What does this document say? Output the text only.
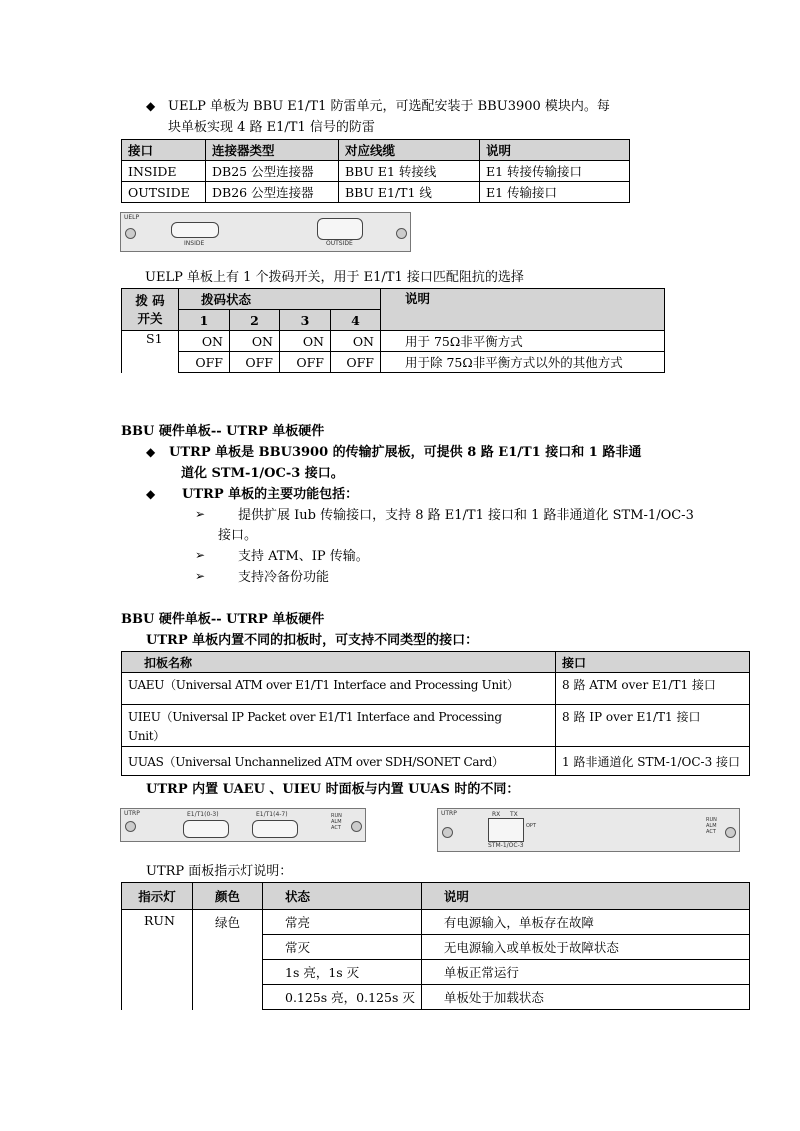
◆ UELP 单板为 BBU E1/T1 防雷单元，可选配安装于 BBU3900 模块内。每
块单板实现 4 路 E1/T1 信号的防雷
接口	连接器类型	对应线缆	说明
INSIDE	DB25 公型连接器	BBU E1 转接线	E1 转接传输接口
OUTSIDE	DB26 公型连接器	BBU E1/T1 线	E1 传输接口
UELP
INSIDE	OUTSIDE
UELP 单板上有 1 个拨码开关，用于 E1/T1 接口匹配阻抗的选择
拨 码
开关	拨码状态				说明
	1	2	3	4	
S1	ON	ON	ON	ON	用于 75Ω非平衡方式
	OFF	OFF	OFF	OFF	用于除 75Ω非平衡方式以外的其他方式
BBU 硬件单板-- UTRP 单板硬件
◆ UTRP 单板是 BBU3900 的传输扩展板，可提供 8 路 E1/T1 接口和 1 路非通
道化 STM-1/OC-3 接口。
◆ UTRP 单板的主要功能包括：
➢	提供扩展 Iub 传输接口，支持 8 路 E1/T1 接口和 1 路非通道化 STM-1/OC-3
接口。
➢	支持 ATM、IP 传输。
➢	支持冷备份功能
BBU 硬件单板-- UTRP 单板硬件
UTRP 单板内置不同的扣板时，可支持不同类型的接口：
扣板名称	接口
UAEU（Universal ATM over E1/T1 Interface and Processing Unit）	8 路 ATM over E1/T1 接口

UIEU（Universal IP Packet over E1/T1 Interface and Processing
Unit）	8 路 IP over E1/T1 接口
UUAS（Universal Unchannelized ATM over SDH/SONET Card）	1 路非通道化 STM-1/OC-3 接口
UTRP 内置 UAEU 、UIEU 时面板与内置 UUAS 时的不同：
UTRP	E1/T1(0-3)	E1/T1(4-7)	RUN
ALM
ACT
UTRP	RX TX
OPT
STM-1/OC-3
RUN
ALM
ACT
UTRP 面板指示灯说明：
指示灯	颜色	状态	说明
RUN	绿色	常亮	有电源输入，单板存在故障
		常灭	无电源输入或单板处于故障状态
		1s 亮，1s 灭	单板正常运行
		0.125s 亮，0.125s 灭	单板处于加载状态
